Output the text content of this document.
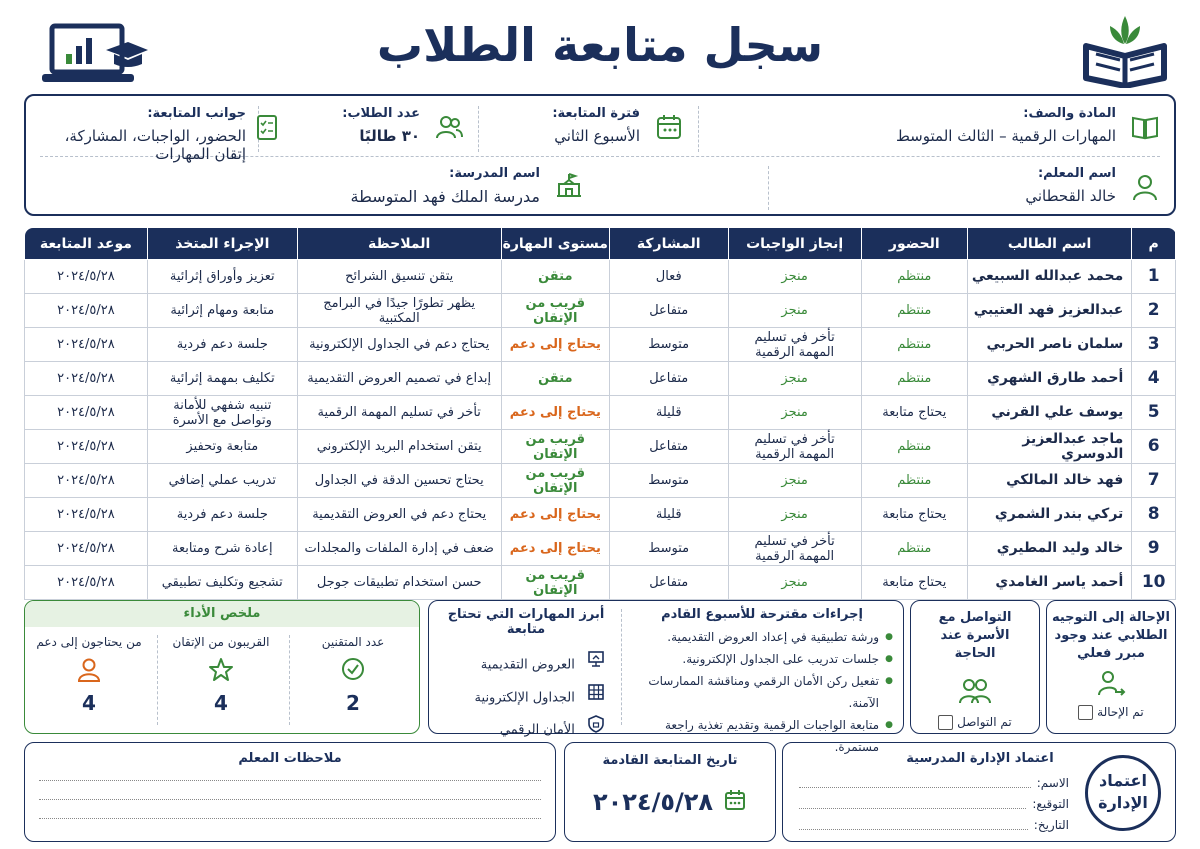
سجل متابعة الطلاب
المادة والصف:
المهارات الرقمية – الثالث المتوسط
فترة المتابعة:
الأسبوع الثاني
عدد الطلاب:
٣٠ طالبًا
جوانب المتابعة:
الحضور، الواجبات، المشاركة، إتقان المهارات
اسم المعلم:
خالد القحطاني
اسم المدرسة:
مدرسة الملك فهد المتوسطة
م	اسم الطالب	الحضور	إنجاز الواجبات	المشاركة	مستوى المهارة	الملاحظة	الإجراء المتخذ	موعد المتابعة
1	محمد عبدالله السبيعي	منتظم	منجز	فعال	متقن	يتقن تنسيق الشرائح	تعزيز وأوراق إثرائية	٢٠٢٤/٥/٢٨
2	عبدالعزيز فهد العتيبي	منتظم	منجز	متفاعل	قريب من الإتقان	يظهر تطورًا جيدًا في البرامج المكتبية	متابعة ومهام إثرائية	٢٠٢٤/٥/٢٨
3	سلمان ناصر الحربي	منتظم	تأخر في تسليم المهمة الرقمية	متوسط	يحتاج إلى دعم	يحتاج دعم في الجداول الإلكترونية	جلسة دعم فردية	٢٠٢٤/٥/٢٨
4	أحمد طارق الشهري	منتظم	منجز	متفاعل	متقن	إبداع في تصميم العروض التقديمية	تكليف بمهمة إثرائية	٢٠٢٤/٥/٢٨
5	يوسف علي القرني	يحتاج متابعة	منجز	قليلة	يحتاج إلى دعم	تأخر في تسليم المهمة الرقمية	تنبيه شفهي للأمانة وتواصل مع الأسرة	٢٠٢٤/٥/٢٨
6	ماجد عبدالعزيز الدوسري	منتظم	تأخر في تسليم المهمة الرقمية	متفاعل	قريب من الإتقان	يتقن استخدام البريد الإلكتروني	متابعة وتحفيز	٢٠٢٤/٥/٢٨
7	فهد خالد المالكي	منتظم	منجز	متوسط	قريب من الإتقان	يحتاج تحسين الدقة في الجداول	تدريب عملي إضافي	٢٠٢٤/٥/٢٨
8	تركي بندر الشمري	يحتاج متابعة	منجز	قليلة	يحتاج إلى دعم	يحتاج دعم في العروض التقديمية	جلسة دعم فردية	٢٠٢٤/٥/٢٨
9	خالد وليد المطيري	منتظم	تأخر في تسليم المهمة الرقمية	متوسط	يحتاج إلى دعم	ضعف في إدارة الملفات والمجلدات	إعادة شرح ومتابعة	٢٠٢٤/٥/٢٨
10	أحمد ياسر الغامدي	يحتاج متابعة	منجز	متفاعل	قريب من الإتقان	حسن استخدام تطبيقات جوجل	تشجيع وتكليف تطبيقي	٢٠٢٤/٥/٢٨
الإحالة إلى التوجيه الطلابي عند وجود مبرر فعلي
تم الإحالة
التواصل مع الأسرة عند الحاجة
تم التواصل
إجراءات مقترحة للأسبوع القادم
● ورشة تطبيقية في إعداد العروض التقديمية.
● جلسات تدريب على الجداول الإلكترونية.
● تفعيل ركن الأمان الرقمي ومناقشة الممارسات الآمنة.
● متابعة الواجبات الرقمية وتقديم تغذية راجعة مستمرة.
أبرز المهارات التي تحتاج متابعة
العروض التقديمية
الجداول الإلكترونية
الأمان الرقمي
ملخص الأداء
عدد المتقنين
2
القريبون من الإتقان
4
من يحتاجون إلى دعم
4
اعتماد
الإدارة
اعتماد الإدارة المدرسية
الاسم:
التوقيع:
التاريخ:
تاريخ المتابعة القادمة
٢٠٢٤/٥/٢٨
ملاحظات المعلم
